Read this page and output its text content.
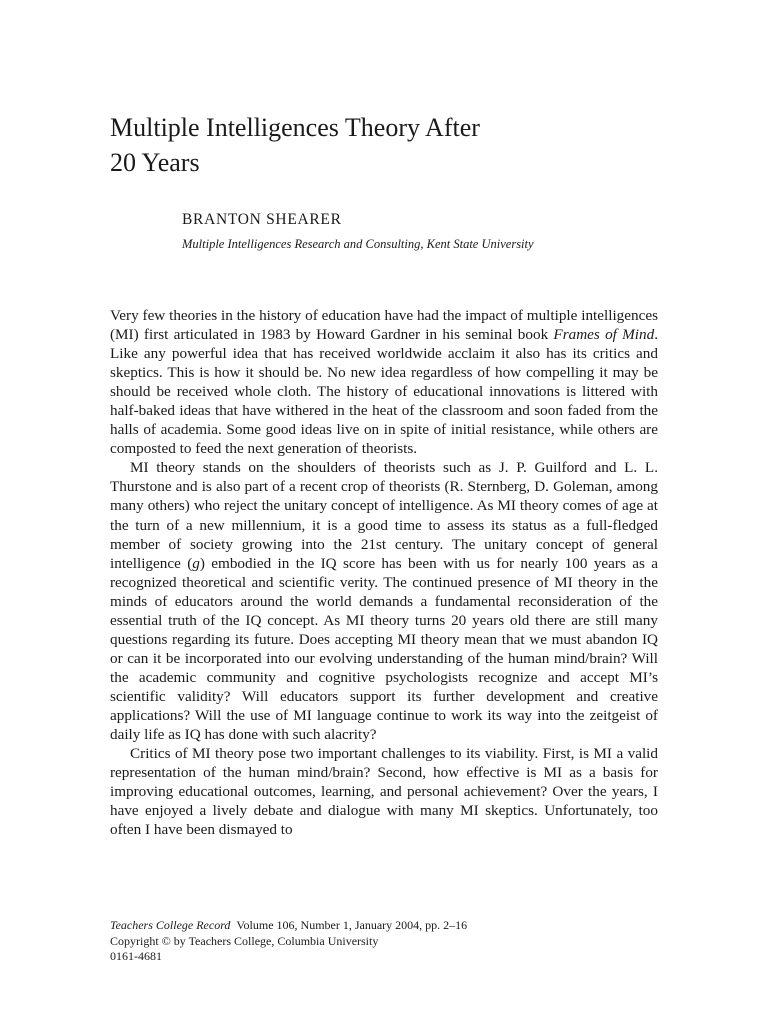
Multiple Intelligences Theory After
20 Years

BRANTON SHEARER

Multiple Intelligences Research and Consulting, Kent State University

Very few theories in the history of education have had the impact of multiple intelligences (MI) first articulated in 1983 by Howard Gardner in his seminal book Frames of Mind. Like any powerful idea that has received worldwide acclaim it also has its critics and skeptics. This is how it should be. No new idea regardless of how compelling it may be should be received whole cloth. The history of educational innovations is littered with half-baked ideas that have withered in the heat of the classroom and soon faded from the halls of academia. Some good ideas live on in spite of initial resistance, while others are composted to feed the next generation of theorists.

MI theory stands on the shoulders of theorists such as J. P. Guilford and L. L. Thurstone and is also part of a recent crop of theorists (R. Sternberg, D. Goleman, among many others) who reject the unitary concept of intelligence. As MI theory comes of age at the turn of a new millennium, it is a good time to assess its status as a full-fledged member of society growing into the 21st century. The unitary concept of general intelligence (g) embodied in the IQ score has been with us for nearly 100 years as a recognized theoretical and scientific verity. The continued presence of MI theory in the minds of educators around the world demands a fundamental reconsideration of the essential truth of the IQ concept. As MI theory turns 20 years old there are still many questions regarding its future. Does accepting MI theory mean that we must abandon IQ or can it be incorporated into our evolving understanding of the human mind/brain? Will the academic community and cognitive psychologists recognize and accept MI’s scientific validity? Will educators support its further development and creative applications? Will the use of MI language continue to work its way into the zeitgeist of daily life as IQ has done with such alacrity?

Critics of MI theory pose two important challenges to its viability. First, is MI a valid representation of the human mind/brain? Second, how effective is MI as a basis for improving educational outcomes, learning, and personal achievement? Over the years, I have enjoyed a lively debate and dialogue with many MI skeptics. Unfortunately, too often I have been dismayed to

Teachers College Record Volume 106, Number 1, January 2004, pp. 2–16
Copyright © by Teachers College, Columbia University
0161-4681
